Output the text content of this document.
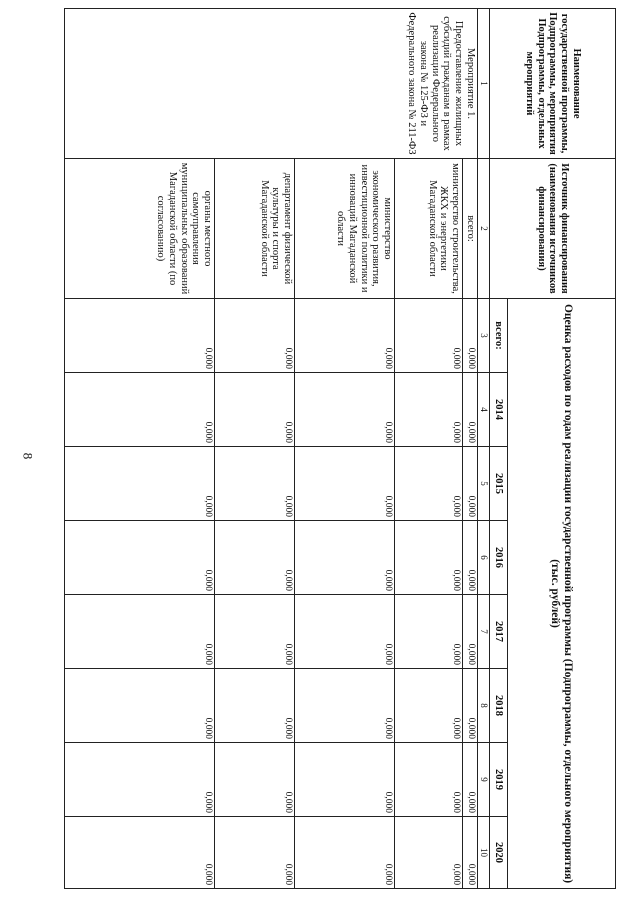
8
Наименование государственной программы, Подпрограммы, мероприятия Подпрограммы, отдельных мероприятий	Источник финансирования (наименования источников финансирования)	Оценка расходов по годам реализации государственной программы (Подпрограммы, отдельного мероприятия) (тыс. рублей)							
		всего:	2014	2015	2016	2017	2018	2019	2020
1	2	3	4	5	6	7	8	9	10
Мероприятие 1. Предоставление жилищных субсидий гражданам в рамках реализации Федерального закона № 125-ФЗ и Федерального закона № 211-ФЗ	всего:	0,000	0,000	0,000	0,000	0,000	0,000	0,000	0,000
	министерство строительства, ЖКХ и энергетики Магаданской области	0,000	0,000	0,000	0,000	0,000	0,000	0,000	0,000
	министерство экономического развития, инвестиционной политики и инноваций Магаданской области	0,000	0,000	0,000	0,000	0,000	0,000	0,000	0,000
	департамент физической культуры и спорта Магаданской области	0,000	0,000	0,000	0,000	0,000	0,000	0,000	0,000
	органы местного самоуправления муниципальных образований Магаданской области (по согласованию)	0,000	0,000	0,000	0,000	0,000	0,000	0,000	0,000
